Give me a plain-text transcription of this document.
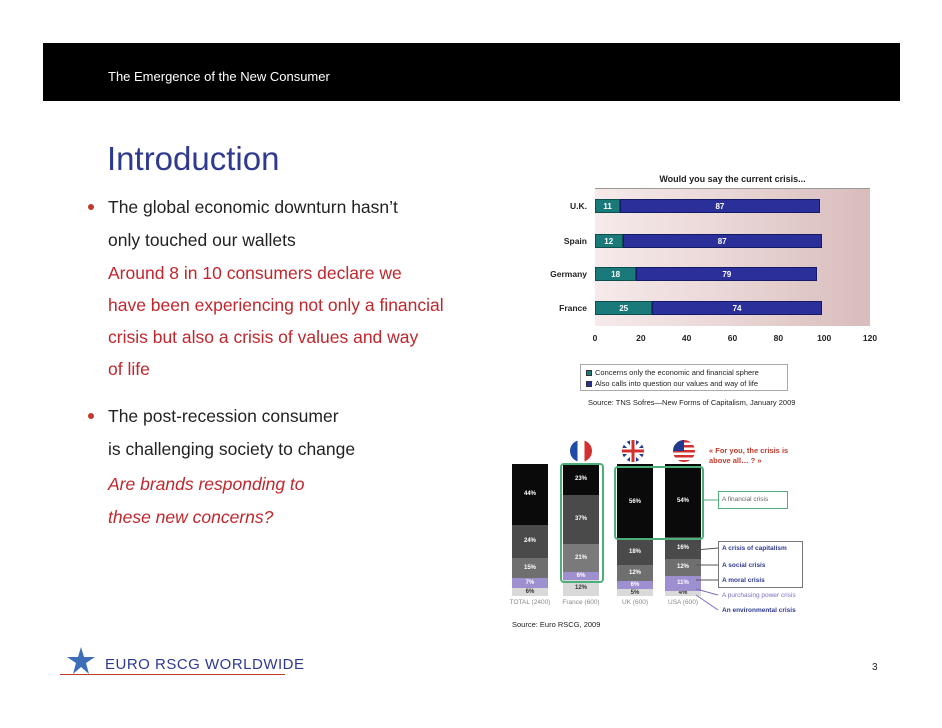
The Emergence of the New Consumer
Introduction
The global economic downturn hasn’t
only touched our wallets
Around 8 in 10 consumers declare we
have been experiencing not only a financial
crisis but also a crisis of values and way
of life
The post-recession consumer
is challenging society to change
Are brands responding to
these new concerns?
Would you say the current crisis...
U.K.	11	87
Spain	12	87
Germany	18	79
France	25	74
0	20	40	60	80	100	120
Concerns only the economic and financial sphere
Also calls into question our values and way of life
Source: TNS Sofres—New Forms of Capitalism, January 2009
6%
7%
15%
24%
44%
TOTAL (2400)
12%
6%
21%
37%
23%
France (600)
5%
6%
12%
18%
56%
UK (600)
4%
11%
12%
16%
54%
USA (600)
« For you, the crisis is
above all… ? »
A financial crisis
A crisis of capitalism
A social crisis
A moral crisis
A purchasing power crisis
An environmental crisis
Source: Euro RSCG, 2009
EURO RSCG WORLDWIDE	3
